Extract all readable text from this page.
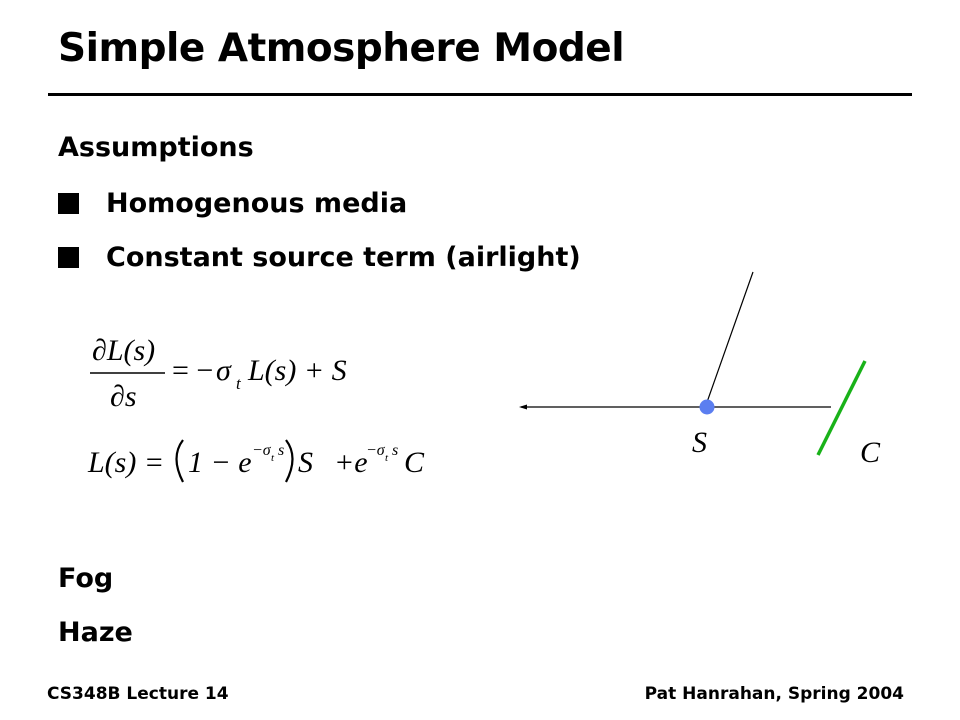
Simple Atmosphere Model
Assumptions
Homogenous media
Constant source term (airlight)
∂L(s)
∂s
= − σ t L(s) + S
L(s) = 1 − e −σ t s S +e
−σ t s C
S	C
Fog
Haze
CS348B Lecture 14	Pat Hanrahan, Spring 2004
